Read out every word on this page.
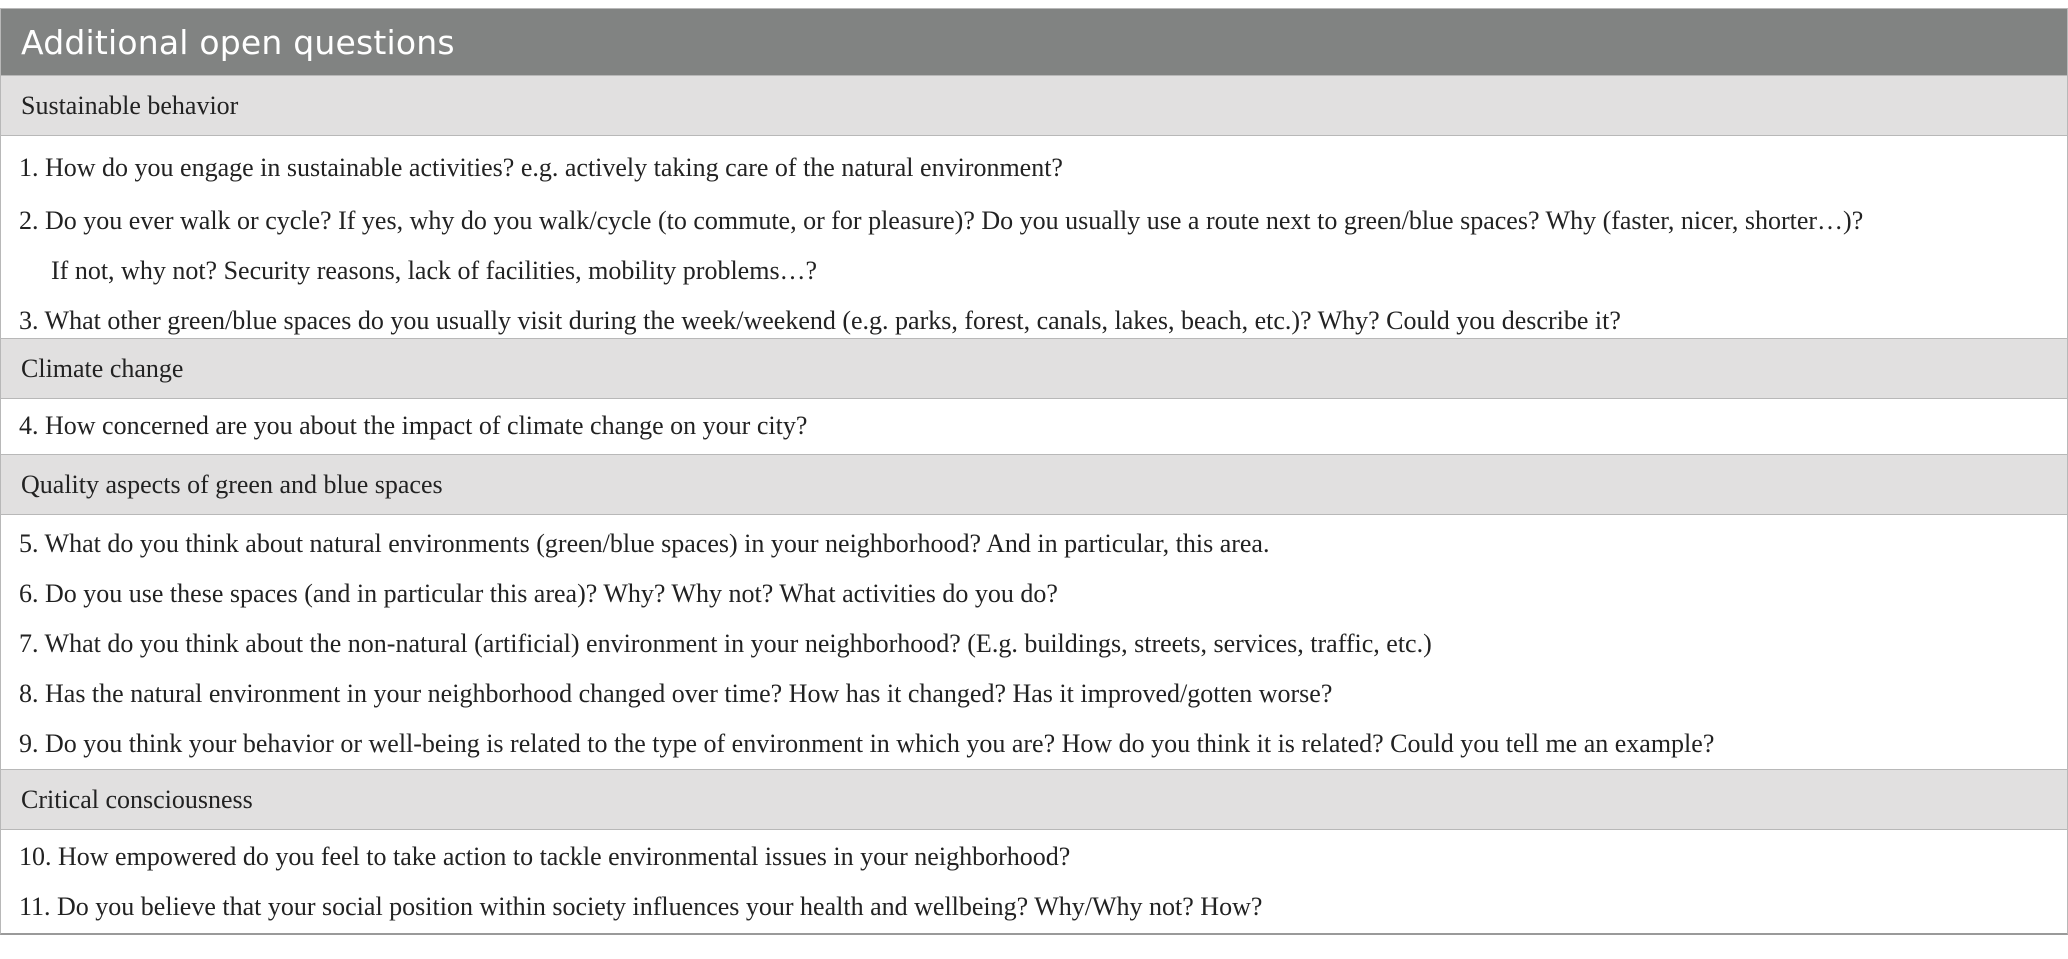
Additional open questions
Sustainable behavior
1. How do you engage in sustainable activities? e.g. actively taking care of the natural environment?
2. Do you ever walk or cycle? If yes, why do you walk/cycle (to commute, or for pleasure)? Do you usually use a route next to green/blue spaces? Why (faster, nicer, shorter…)?
If not, why not? Security reasons, lack of facilities, mobility problems…?
3. What other green/blue spaces do you usually visit during the week/weekend (e.g. parks, forest, canals, lakes, beach, etc.)? Why? Could you describe it?
Climate change
4. How concerned are you about the impact of climate change on your city?
Quality aspects of green and blue spaces
5. What do you think about natural environments (green/blue spaces) in your neighborhood? And in particular, this area.
6. Do you use these spaces (and in particular this area)? Why? Why not? What activities do you do?
7. What do you think about the non-natural (artificial) environment in your neighborhood? (E.g. buildings, streets, services, traffic, etc.)
8. Has the natural environment in your neighborhood changed over time? How has it changed? Has it improved/gotten worse?
9. Do you think your behavior or well-being is related to the type of environment in which you are? How do you think it is related? Could you tell me an example?
Critical consciousness
10. How empowered do you feel to take action to tackle environmental issues in your neighborhood?
11. Do you believe that your social position within society influences your health and wellbeing? Why/Why not? How?
